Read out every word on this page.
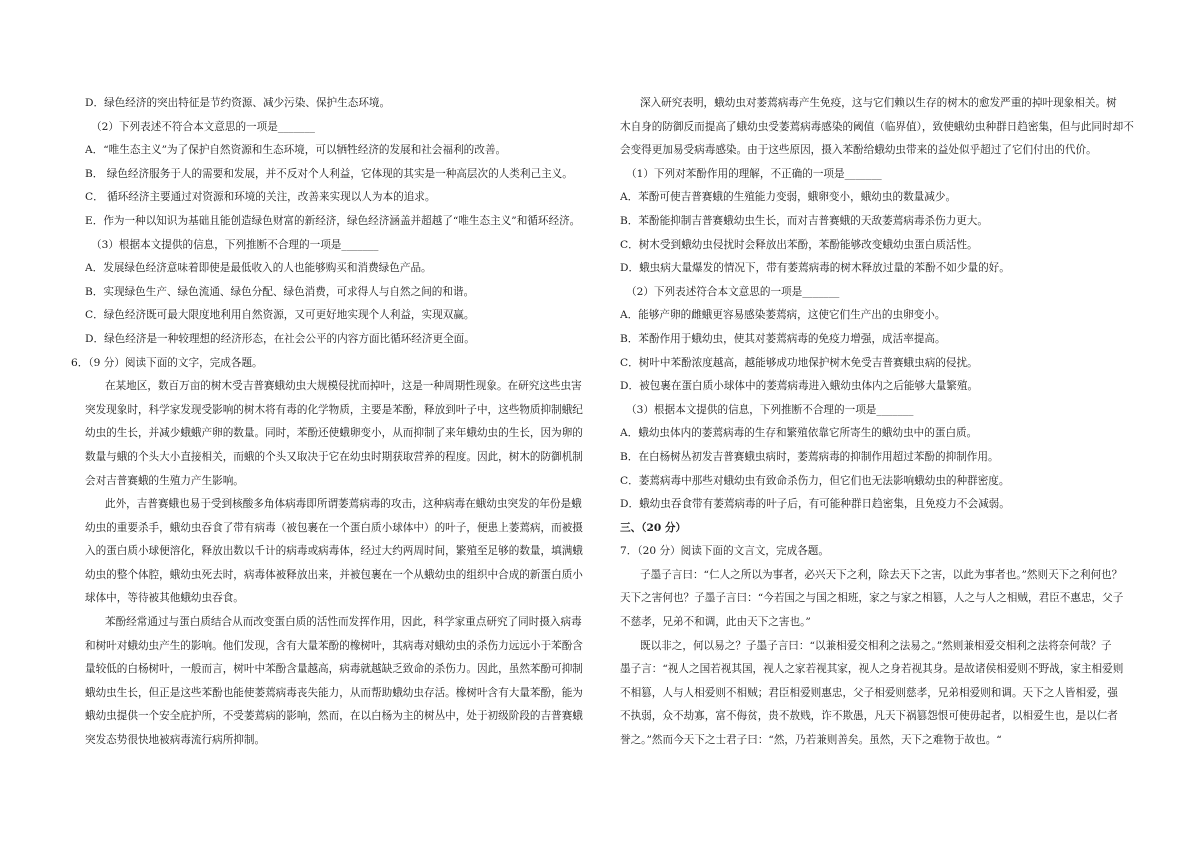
D．绿色经济的突出特征是节约资源、减少污染、保护生态环境。
（2）下列表述不符合本文意思的一项是_______
A．“唯生态主义”为了保护自然资源和生态环境，可以牺牲经济的发展和社会福利的改善。
B． 绿色经济服务于人的需要和发展，并不反对个人利益，它体现的其实是一种高层次的人类利己主义。
C． 循环经济主要通过对资源和环境的关注，改善来实现以人为本的追求。
E．作为一种以知识为基础且能创造绿色财富的新经济，绿色经济涵盖并超越了“唯生态主义”和循环经济。
（3）根据本文提供的信息，下列推断不合理的一项是_______
A．发展绿色经济意味着即使是最低收入的人也能够购买和消费绿色产品。
B．实现绿色生产、绿色流通、绿色分配、绿色消费，可求得人与自然之间的和谐。
C．绿色经济既可最大限度地利用自然资源，又可更好地实现个人利益，实现双赢。
D．绿色经济是一种较理想的经济形态，在社会公平的内容方面比循环经济更全面。
6．（9 分）阅读下面的文字，完成各题。
在某地区，数百万亩的树木受吉普赛蛾幼虫大规模侵扰而掉叶，这是一种周期性现象。在研究这些虫害
突发现象时，科学家发现受影响的树木将有毒的化学物质，主要是苯酚，释放到叶子中，这些物质抑制蛾纪
幼虫的生长，并减少蛾蛾产卵的数量。同时，苯酚还使蛾卵变小，从而抑制了来年蛾幼虫的生长，因为卵的
数量与蛾的个头大小直接相关，而蛾的个头又取决于它在幼虫时期获取营养的程度。因此，树木的防御机制
会对吉普赛蛾的生殖力产生影响。
此外，吉普赛蛾也易于受到核酸多角体病毒即所谓萎蔫病毒的攻击，这种病毒在蛾幼虫突发的年份是蛾
幼虫的重要杀手，蛾幼虫吞食了带有病毒（被包裹在一个蛋白质小球体中）的叶子，便患上萎蔫病，而被摄
入的蛋白质小球便溶化，释放出数以千计的病毒或病毒体，经过大约两周时间，繁殖至足够的数量，填满蛾
幼虫的整个体腔，蛾幼虫死去时，病毒体被释放出来，并被包裹在一个从蛾幼虫的组织中合成的新蛋白质小
球体中，等待被其他蛾幼虫吞食。
苯酚经常通过与蛋白质结合从而改变蛋白质的活性而发挥作用，因此，科学家重点研究了同时摄入病毒
和树叶对蛾幼虫产生的影响。他们发现，含有大量苯酚的橡树叶，其病毒对蛾幼虫的杀伤力远远小于苯酚含
量较低的白杨树叶，一般而言，树叶中苯酚含量越高，病毒就越缺乏致命的杀伤力。因此，虽然苯酚可抑制
蛾幼虫生长，但正是这些苯酚也能使萎蔫病毒丧失能力，从而帮助蛾幼虫存活。橡树叶含有大量苯酚，能为
蛾幼虫提供一个安全庇护所，不受萎蔫病的影响，然而，在以白杨为主的树丛中，处于初级阶段的吉普赛蛾
突发态势很快地被病毒流行病所抑制。
深入研究表明，蛾幼虫对萎蔫病毒产生免疫，这与它们赖以生存的树木的愈发严重的掉叶现象相关。树
木自身的防御反而提高了蛾幼虫受萎蔫病毒感染的阈值（临界值），致使蛾幼虫种群日趋密集，但与此同时却不
会变得更加易受病毒感染。由于这些原因，摄入苯酚给蛾幼虫带来的益处似乎超过了它们付出的代价。
（1）下列对苯酚作用的理解，不正确的一项是_______
A．苯酚可使吉普赛蛾的生殖能力变弱，蛾卵变小，蛾幼虫的数量减少。
B．苯酚能抑制吉普赛蛾幼虫生长，而对吉普赛蛾的天敌萎蔫病毒杀伤力更大。
C．树木受到蛾幼虫侵扰时会释放出苯酚，苯酚能够改变蛾幼虫蛋白质活性。
D．蛾虫病大量爆发的情况下，带有萎蔫病毒的树木释放过量的苯酚不如少量的好。
（2）下列表述符合本文意思的一项是_______
A．能够产卵的雌蛾更容易感染萎蔫病，这使它们生产出的虫卵变小。
B．苯酚作用于蛾幼虫，使其对萎蔫病毒的免疫力增强，成活率提高。
C．树叶中苯酚浓度越高，越能够成功地保护树木免受吉普赛蛾虫病的侵扰。
D．被包裹在蛋白质小球体中的萎蔫病毒进入蛾幼虫体内之后能够大量繁殖。
（3）根据本文提供的信息，下列推断不合理的一项是_______
A．蛾幼虫体内的萎蔫病毒的生存和繁殖依靠它所寄生的蛾幼虫中的蛋白质。
B．在白杨树丛初发吉普赛蛾虫病时，萎蔫病毒的抑制作用超过苯酚的抑制作用。
C．萎蔫病毒中那些对蛾幼虫有致命杀伤力，但它们也无法影响蛾幼虫的种群密度。
D．蛾幼虫吞食带有萎蔫病毒的叶子后，有可能种群日趋密集，且免疫力不会减弱。
三、（20 分）
7．（20 分）阅读下面的文言文，完成各题。
子墨子言曰：“仁人之所以为事者，必兴天下之利，除去天下之害，以此为事者也。”然则天下之利何也？
天下之害何也？子墨子言曰：“今若国之与国之相班，家之与家之相篡，人之与人之相贼，君臣不惠忠，父子
不慈孝，兄弟不和调，此由天下之害也。”
既以非之，何以易之？子墨子言曰：“以兼相爱交相利之法易之。”然则兼相爱交相利之法将奈何哉？子
墨子言：“视人之国若视其国，视人之家若视其家，视人之身若视其身。是故诸侯相爱则不野战，家主相爱则
不相篡，人与人相爱则不相贼；君臣相爱则惠忠，父子相爱则慈孝，兄弟相爱则和调。天下之人皆相爱，强
不执弱，众不劫寡，富不侮贫，贵不敖贱，诈不欺愚，凡天下祸篡怨恨可使毋起者，以相爱生也，是以仁者
誉之。”然而今天下之士君子曰：“然，乃若兼则善矣。虽然，天下之难物于故也。“
